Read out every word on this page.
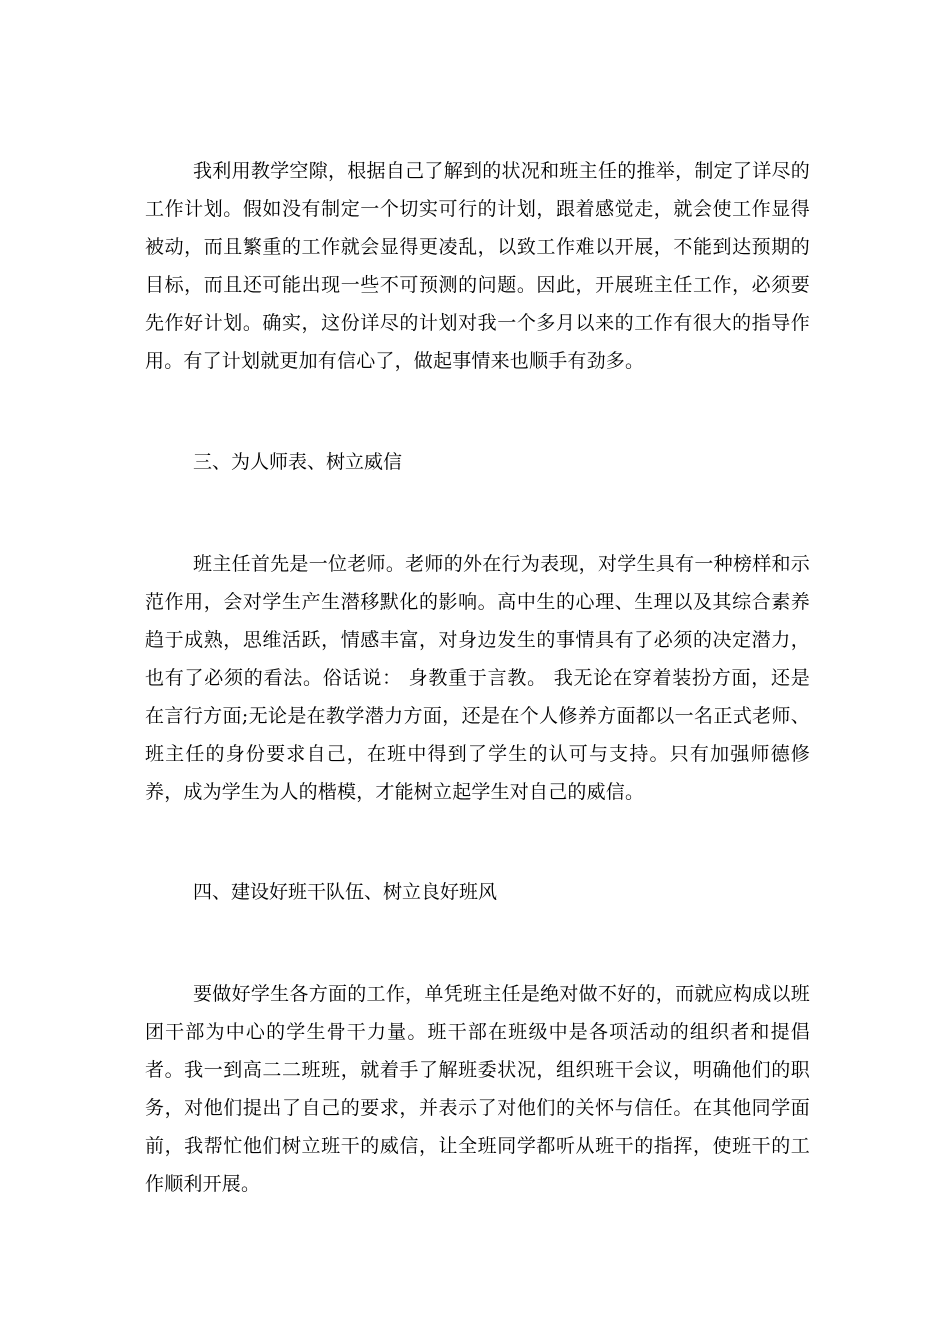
我利用教学空隙，根据自己了解到的状况和班主任的推举，制定了详尽的工作计划。假如没有制定一个切实可行的计划，跟着感觉走，就会使工作显得被动，而且繁重的工作就会显得更凌乱，以致工作难以开展，不能到达预期的目标，而且还可能出现一些不可预测的问题。因此，开展班主任工作，必须要先作好计划。确实，这份详尽的计划对我一个多月以来的工作有很大的指导作用。有了计划就更加有信心了，做起事情来也顺手有劲多。

三、为人师表、树立威信

班主任首先是一位老师。老师的外在行为表现，对学生具有一种榜样和示范作用，会对学生产生潜移默化的影响。高中生的心理、生理以及其综合素养趋于成熟，思维活跃，情感丰富，对身边发生的事情具有了必须的决定潜力，也有了必须的看法。俗话说： 身教重于言教。 我无论在穿着装扮方面，还是在言行方面;无论是在教学潜力方面，还是在个人修养方面都以一名正式老师、班主任的身份要求自己，在班中得到了学生的认可与支持。只有加强师德修养，成为学生为人的楷模，才能树立起学生对自己的威信。

四、建设好班干队伍、树立良好班风

要做好学生各方面的工作，单凭班主任是绝对做不好的，而就应构成以班团干部为中心的学生骨干力量。班干部在班级中是各项活动的组织者和提倡者。我一到高二二班班，就着手了解班委状况，组织班干会议，明确他们的职务，对他们提出了自己的要求，并表示了对他们的关怀与信任。在其他同学面前，我帮忙他们树立班干的威信，让全班同学都听从班干的指挥，使班干的工作顺利开展。
